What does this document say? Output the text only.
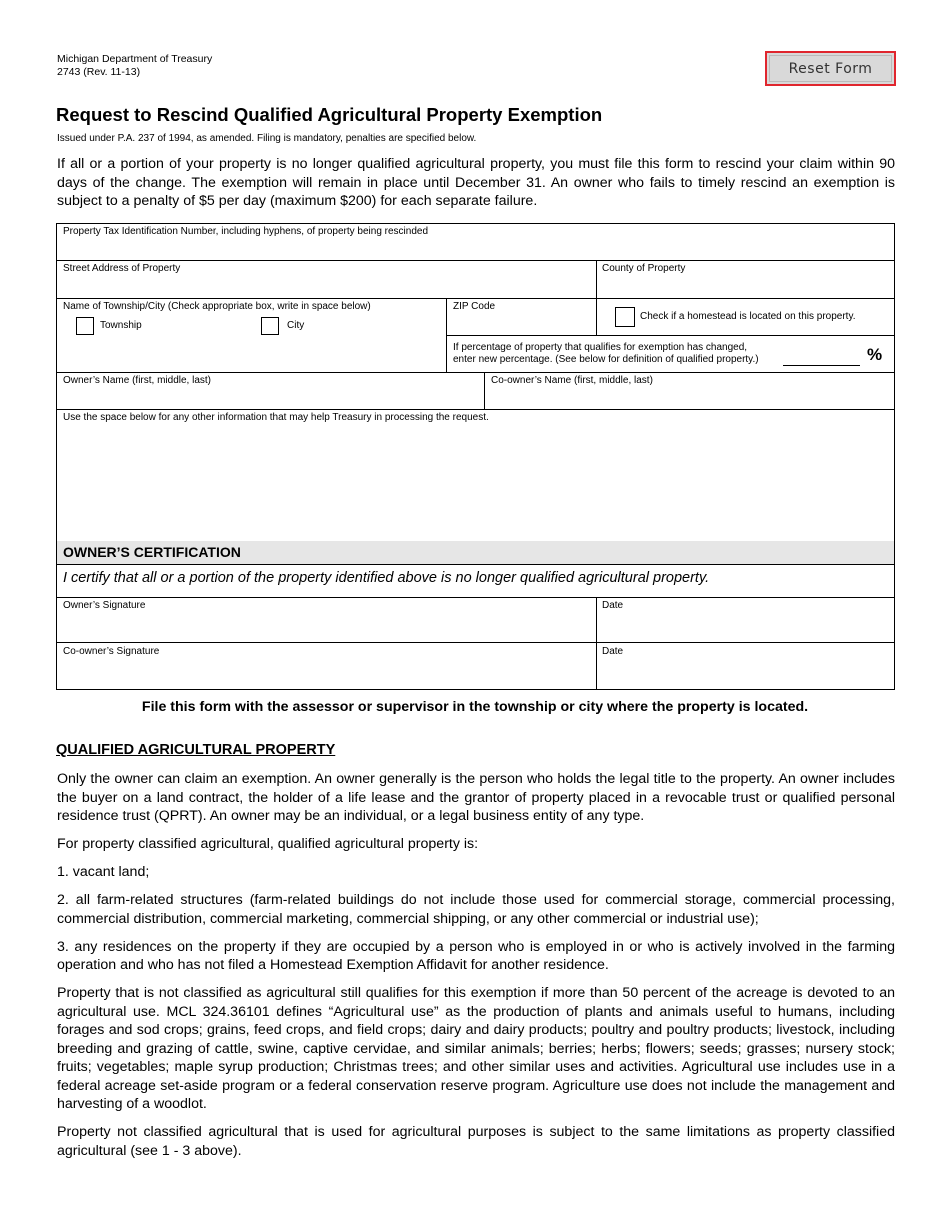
Michigan Department of Treasury
2743 (Rev. 11-13)	Reset Form
Request to Rescind Qualified Agricultural Property Exemption
Issued under P.A. 237 of 1994, as amended. Filing is mandatory, penalties are specified below.
If all or a portion of your property is no longer qualified agricultural property, you must file this form to rescind your claim within 90 days of the change. The exemption will remain in place until December 31. An owner who fails to timely rescind an exemption is subject to a penalty of $5 per day (maximum $200) for each separate failure.
Property Tax Identification Number, including hyphens, of property being rescinded
Street Address of Property	County of Property
Name of Township/City (Check appropriate box, write in space below)
Township	City
ZIP Code
Check if a homestead is located on this property.
If percentage of property that qualifies for exemption has changed,
enter new percentage. (See below for definition of qualified property.)	%
Owner’s Name (first, middle, last)	Co-owner’s Name (first, middle, last)
Use the space below for any other information that may help Treasury in processing the request.
OWNER’S CERTIFICATION
I certify that all or a portion of the property identified above is no longer qualified agricultural property.
Owner’s Signature	Date
Co-owner’s Signature	Date
File this form with the assessor or supervisor in the township or city where the property is located.
QUALIFIED AGRICULTURAL PROPERTY

Only the owner can claim an exemption. An owner generally is the person who holds the legal title to the property. An owner includes the buyer on a land contract, the holder of a life lease and the grantor of property placed in a revocable trust or qualified personal residence trust (QPRT). An owner may be an individual, or a legal business entity of any type.

For property classified agricultural, qualified agricultural property is:

1. vacant land;

2. all farm-related structures (farm-related buildings do not include those used for commercial storage, commercial processing, commercial distribution, commercial marketing, commercial shipping, or any other commercial or industrial use);

3. any residences on the property if they are occupied by a person who is employed in or who is actively involved in the farming operation and who has not filed a Homestead Exemption Affidavit for another residence.

Property that is not classified as agricultural still qualifies for this exemption if more than 50 percent of the acreage is devoted to an agricultural use. MCL 324.36101 defines “Agricultural use” as the production of plants and animals useful to humans, including forages and sod crops; grains, feed crops, and field crops; dairy and dairy products; poultry and poultry products; livestock, including breeding and grazing of cattle, swine, captive cervidae, and similar animals; berries; herbs; flowers; seeds; grasses; nursery stock; fruits; vegetables; maple syrup production; Christmas trees; and other similar uses and activities. Agricultural use includes use in a federal acreage set-aside program or a federal conservation reserve program. Agriculture use does not include the management and harvesting of a woodlot.

Property not classified agricultural that is used for agricultural purposes is subject to the same limitations as property classified agricultural (see 1 - 3 above).
